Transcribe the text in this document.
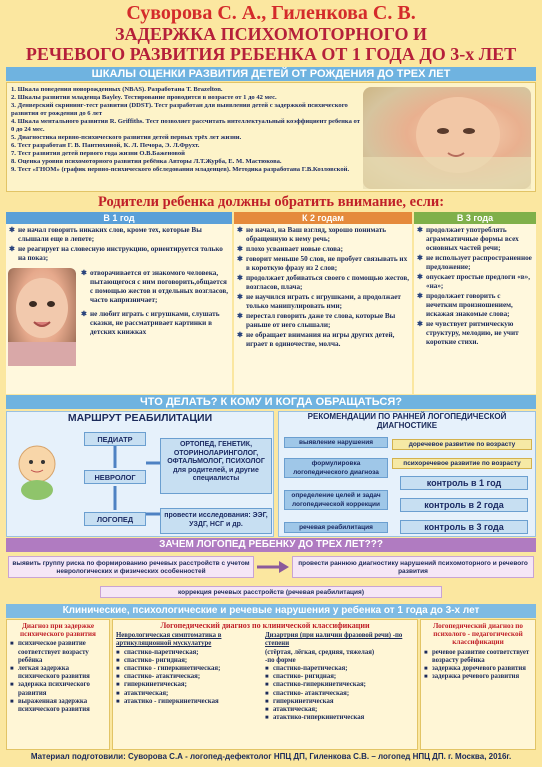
Суворова С. А., Гиленкова С. В.
ЗАДЕРЖКА ПСИХОМОТОРНОГО И
РЕЧЕВОГО РАЗВИТИЯ РЕБЕНКА ОТ 1 ГОДА ДО 3-х ЛЕТ
ШКАЛЫ ОЦЕНКИ РАЗВИТИЯ ДЕТЕЙ ОТ РОЖДЕНИЯ ДО ТРЕХ ЛЕТ
1. Шкала поведения новорожденных (NBAS). Разработана T. Brazelton.
2. Шкалы развития младенца Bayley. Тестирование проводится в возрасте от 1 до 42 мес.
3. Денверский скрининг-тест развития (DDST). Тест разработан для выявления детей с задержкой психического развития от рождения до 6 лет
4. Шкала ментального развития R. Griffiths. Тест позволяет рассчитать интеллектуальный коэффициент ребенка от 0 до 24 мес.
5. Диагностика нервно-психического развития детей первых трёх лет жизни.
6. Тест разработан Г. В. Пантюхиной, К. Л. Печора, Э. Л.Фрухт.
7. Тест развития детей первого года жизни О.В.Баженовой
8. Оценка уровня психомоторного развития ребёнка Авторы Л.Т.Журба, Е. М. Мастюкова.
9. Тест «ГНОМ» (график нервно-психического обследования младенцев). Методика разработана Г.В.Козловской.
Родители ребенка должны обратить внимание, если:
В 1 год	К 2 годам	В 3 года
✱ не начал говорить никаких слов, кроме тех, которые Вы слышали еще в лепете;
✱ не реагирует на словесную инструкцию, ориентируется только на показ;
✱ отворачивается от знакомого человека, пытающегося с ним поговорить,общается с помощью жестов и отдельных возгласов, часто капризничает;
✱ не любит играть с игрушками, слушать сказки, не рассматривает картинки в детских книжках
✱ не начал, на Ваш взгляд, хорошо понимать обращенную к нему речь;
✱ плохо усваивает новые слова;
✱ говорит меньше 50 слов, не пробует связывать их в короткую фразу из 2 слов;
✱ продолжает добиваться своего с помощью жестов, возгласов, плача;
✱ не научился играть с игрушками, а продолжает только манипулировать ими;
✱ перестал говорить даже те слова, которые Вы раньше от него слышали;
✱ не обращает внимания на игры других детей, играет в одиночестве, молча.
✱ продолжает употреблять аграмматичные формы всех основных частей речи;
✱ не использует распространенное предложение;
✱ опускает простые предлоги «в», «на»;
✱ продолжает говорить с нечетким произношением, искажая знакомые слова;
✱ не чувствует ритмическую структуру, мелодию, не учит короткие стихи.
ЧТО ДЕЛАТЬ? К КОМУ И КОГДА ОБРАЩАТЬСЯ?
МАРШРУТ РЕАБИЛИТАЦИИ
ПЕДИАТР
НЕВРОЛОГ
ЛОГОПЕД
ОРТОПЕД, ГЕНЕТИК, ОТОРИНОЛАРИНГОЛОГ, ОФТАЛЬМОЛОГ, ПСИХОЛОГ для родителей, и другие специалисты
провести исследования: ЭЭГ, УЗДГ, НСГ и др.
РЕКОМЕНДАЦИИ ПО РАННЕЙ ЛОГОПЕДИЧЕСКОЙ ДИАГНОСТИКЕ
выявление нарушения
формулировка логопедического диагноза
определение целей и задач логопедической коррекции
речевая реабилитация
доречевое развитие по возрасту
психоречевое развитие по возрасту
контроль в 1 год
контроль в 2 года
контроль в 3 года
ЗАЧЕМ ЛОГОПЕД РЕБЕНКУ ДО ТРЕХ ЛЕТ???
выявить группу риска по формированию речевых расстройств с учетом неврологических и физических особенностей
провести раннюю диагностику нарушений психомоторного и речевого развития
коррекция речевых расстройств (речевая реабилитация)
Клинические, психологические и речевые нарушения у ребенка от 1 года до 3-х лет
Диагноз при задержке психического развития
■ психическое развитие соответствует возрасту ребёнка
■ легкая задержка психического развития
■ задержка психического развития
■ выраженная задержка психического развития
Логопедический диагноз по клинической классификации
Неврологическая симптоматика в артикуляционной мускулатуре
■ спастико-паретическая;
■ спастико- ригидная;
■ спастико - гиперкинетическая;
■ спастико- атактическая;
■ гиперкинетическая;
■ атактическая;
■ атактико - гиперкинетическая
Дизартрия (при наличии фразовой речи) -по степени
(стёртая, лёгкая, средняя, тяжелая)
-по форме
■ спастико-паретическая;
■ спастико- ригидная;
■ спастико-гиперкинетическая;
■ спастико- атактическая;
■ гиперкинетическая
■ атактическая;
■ атактико-гиперкинетическая
Логопедический диагноз по психолого - педагогической классификации
■ речевое развитие соответствует возрасту ребёнка
■ задержка доречевого развития
■ задержка речевого развития
Материал подготовили: Суворова С.А - логопед-дефектолог НПЦ ДП, Гиленкова С.В. – логопед НПЦ ДП. г. Москва, 2016г.
